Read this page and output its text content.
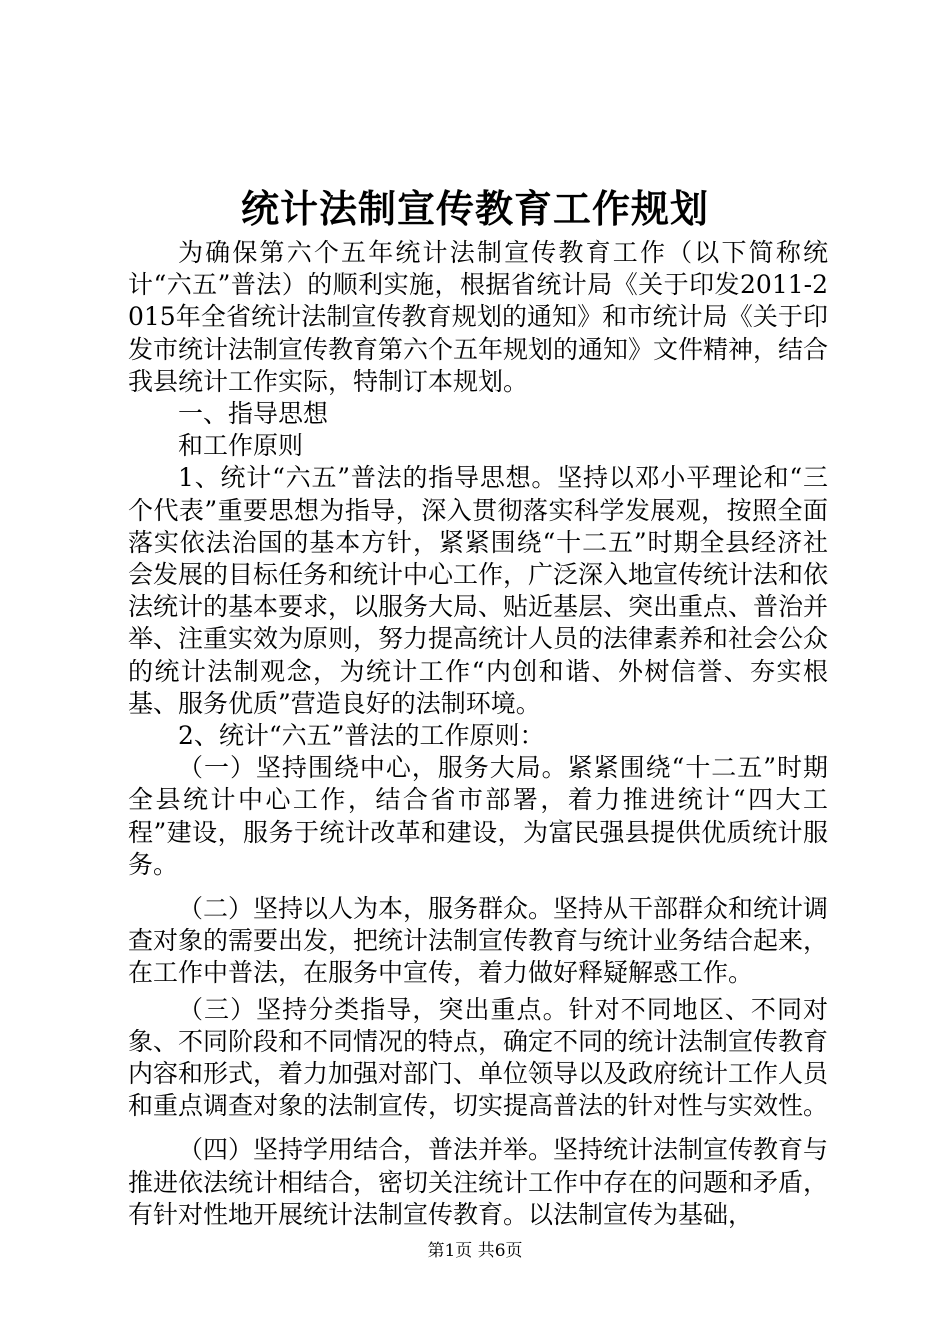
统计法制宣传教育工作规划

为确保第六个五年统计法制宣传教育工作（以下简称统计“六五”普法）的顺利实施，根据省统计局《关于印发2011-2015年全省统计法制宣传教育规划的通知》和市统计局《关于印发市统计法制宣传教育第六个五年规划的通知》文件精神，结合我县统计工作实际，特制订本规划。

一、指导思想

和工作原则

1、统计“六五”普法的指导思想。坚持以邓小平理论和“三个代表”重要思想为指导，深入贯彻落实科学发展观，按照全面落实依法治国的基本方针，紧紧围绕“十二五”时期全县经济社会发展的目标任务和统计中心工作，广泛深入地宣传统计法和依法统计的基本要求，以服务大局、贴近基层、突出重点、普治并举、注重实效为原则，努力提高统计人员的法律素养和社会公众的统计法制观念，为统计工作“内创和谐、外树信誉、夯实根基、服务优质”营造良好的法制环境。

2、统计“六五”普法的工作原则：

（一）坚持围绕中心，服务大局。紧紧围绕“十二五”时期全县统计中心工作，结合省市部署，着力推进统计“四大工程”建设，服务于统计改革和建设，为富民强县提供优质统计服务。

（二）坚持以人为本，服务群众。坚持从干部群众和统计调查对象的需要出发，把统计法制宣传教育与统计业务结合起来，在工作中普法，在服务中宣传，着力做好释疑解惑工作。

（三）坚持分类指导，突出重点。针对不同地区、不同对象、不同阶段和不同情况的特点，确定不同的统计法制宣传教育内容和形式，着力加强对部门、单位领导以及政府统计工作人员和重点调查对象的法制宣传，切实提高普法的针对性与实效性。

（四）坚持学用结合，普法并举。坚持统计法制宣传教育与推进依法统计相结合，密切关注统计工作中存在的问题和矛盾，有针对性地开展统计法制宣传教育。以法制宣传为基础，

第1页 共6页
